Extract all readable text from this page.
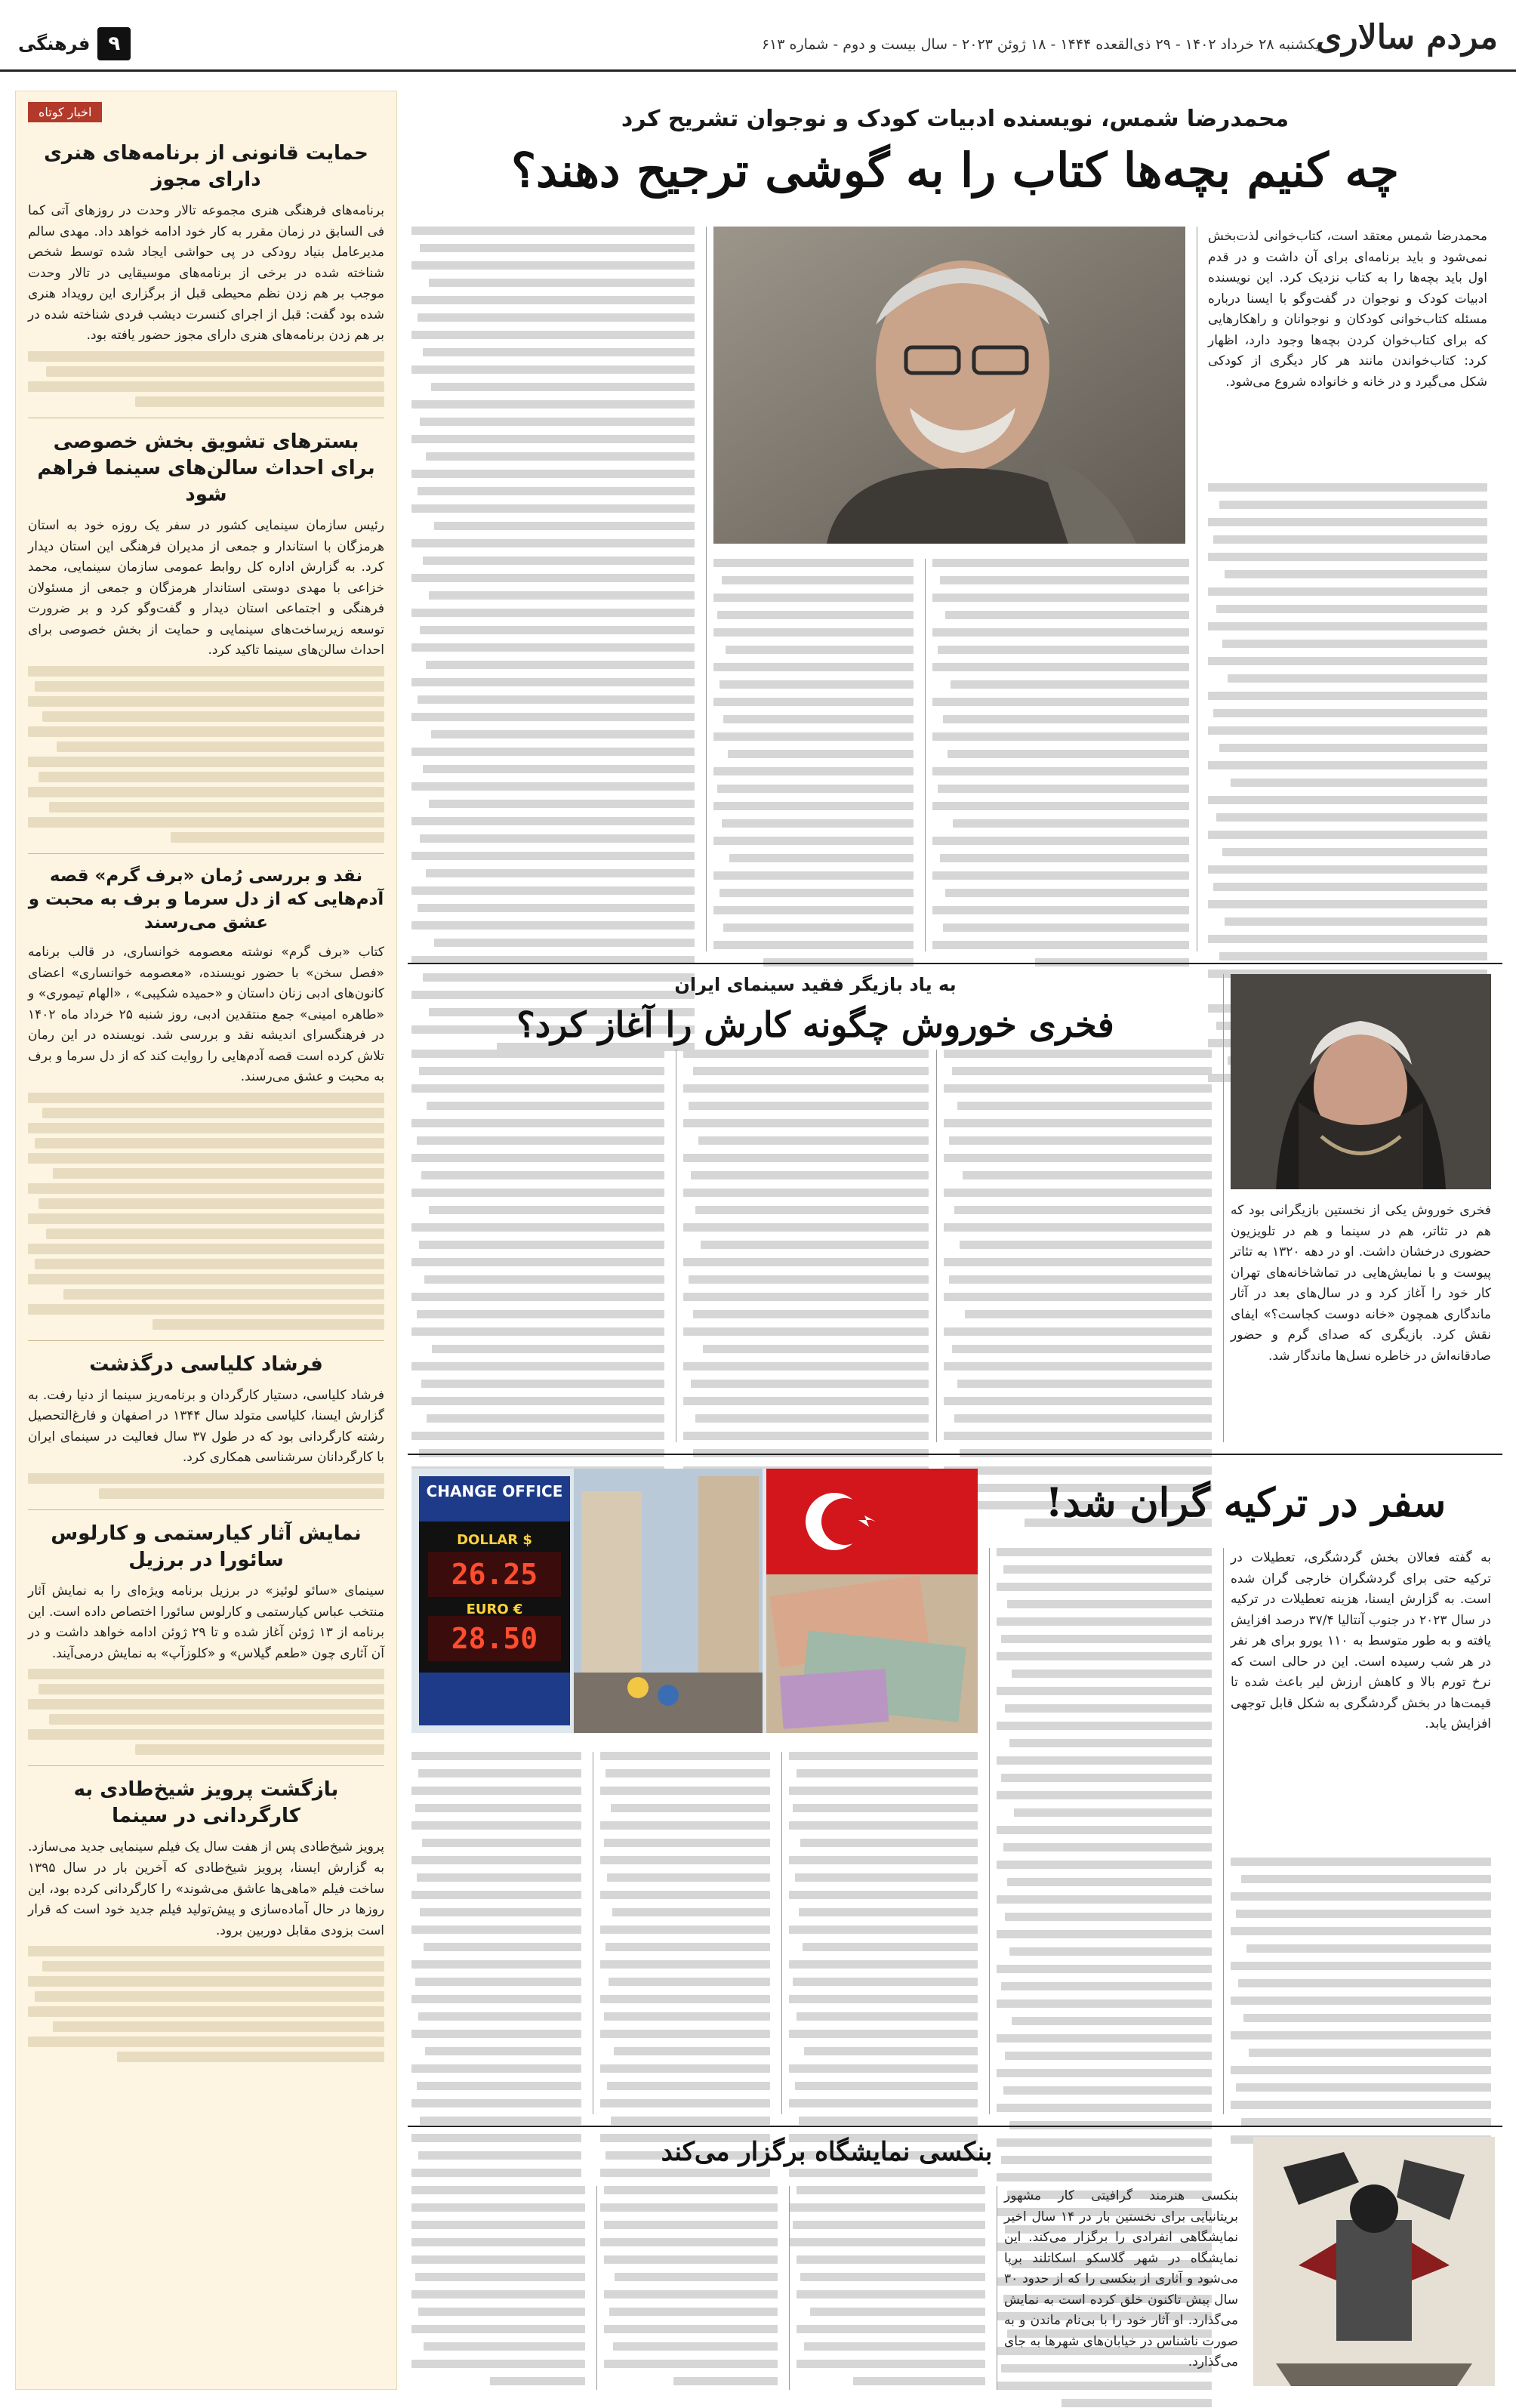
مردم سالاری
یکشنبه ۲۸ خرداد ۱۴۰۲ - ۲۹ ذی‌القعده ۱۴۴۴ - ۱۸ ژوئن ۲۰۲۳ - سال بیست و دوم - شماره ۶۱۳
۹
فرهنگی
اخبار کوتاه
حمایت قانونی از برنامه‌های هنری دارای مجوز
برنامه‌های فرهنگی هنری مجموعه تالار وحدت در روزهای آتی کما فی السابق در زمان مقرر به کار خود ادامه خواهد داد. مهدی سالم مدیرعامل بنیاد رودکی در پی حواشی ایجاد شده توسط شخص شناخته شده در برخی از برنامه‌های موسیقایی در تالار وحدت موجب بر هم زدن نظم محیطی قبل از برگزاری این رویداد هنری شده بود گفت: قبل از اجرای کنسرت دیشب فردی شناخته شده در بر هم زدن برنامه‌های هنری دارای مجوز حضور یافته بود.
بسترهای تشویق بخش خصوصی برای احداث سالن‌های سینما فراهم شود
رئیس سازمان سینمایی کشور در سفر یک روزه خود به استان هرمزگان با استاندار و جمعی از مدیران فرهنگی این استان دیدار کرد. به گزارش اداره کل روابط عمومی سازمان سینمایی، محمد خزاعی با مهدی دوستی استاندار هرمزگان و جمعی از مسئولان فرهنگی و اجتماعی استان دیدار و گفت‌وگو کرد و بر ضرورت توسعه زیرساخت‌های سینمایی و حمایت از بخش خصوصی برای احداث سالن‌های سینما تاکید کرد.
نقد و بررسی رُمان «برف گرم» قصه آدم‌هایی که از دل سرما و برف به محبت و عشق می‌رسند
کتاب «برف گرم» نوشته معصومه خوانساری، در قالب برنامه «فصل سخن» با حضور نویسنده، «معصومه خوانساری» اعضای کانون‌های ادبی زنان داستان و «حمیده شکیبی» ، «الهام تیموری» و «طاهره امینی» جمع منتقدین ادبی، روز شنبه ۲۵ خرداد ماه ۱۴۰۲ در فرهنگسرای اندیشه نقد و بررسی شد. نویسنده در این رمان تلاش کرده است قصه آدم‌هایی را روایت کند که از دل سرما و برف به محبت و عشق می‌رسند.
فرشاد کلیاسی درگذشت
فرشاد کلیاسی، دستیار کارگردان و برنامه‌ریز سینما از دنیا رفت. به گزارش ایسنا، کلیاسی متولد سال ۱۳۴۴ در اصفهان و فارغ‌التحصیل رشته کارگردانی بود که در طول ۳۷ سال فعالیت در سینمای ایران با کارگردانان سرشناسی همکاری کرد.
نمایش آثار کیارستمی و کارلوس سائورا در برزیل
سینمای «سائو لوئیز» در برزیل برنامه ویژه‌ای را به نمایش آثار منتخب عباس کیارستمی و کارلوس سائورا اختصاص داده است. این برنامه از ۱۳ ژوئن آغاز شده و تا ۲۹ ژوئن ادامه خواهد داشت و در آن آثاری چون «طعم گیلاس» و «کلوزآپ» به نمایش درمی‌آیند.
بازگشت پرویز شیخ‌طادی به کارگردانی در سینما
پرویز شیخ‌طادی پس از هفت سال یک فیلم سینمایی جدید می‌سازد. به گزارش ایسنا، پرویز شیخ‌طادی که آخرین بار در سال ۱۳۹۵ ساخت فیلم «ماهی‌ها عاشق می‌شوند» را کارگردانی کرده بود، این روزها در حال آماده‌سازی و پیش‌تولید فیلم جدید خود است که قرار است بزودی مقابل دوربین برود.
محمدرضا شمس، نویسنده ادبیات کودک و نوجوان تشریح کرد
چه کنیم بچه‌ها کتاب را به گوشی ترجیح دهند؟
محمدرضا شمس معتقد است، کتاب‌خوانی لذت‌بخش نمی‌شود و باید برنامه‌ای برای آن داشت و در قدم اول باید بچه‌ها را به کتاب نزدیک کرد. این نویسنده ادبیات کودک و نوجوان در گفت‌وگو با ایسنا درباره مسئله کتاب‌خوانی کودکان و نوجوانان و راهکارهایی که برای کتاب‌خوان کردن بچه‌ها وجود دارد، اظهار کرد: کتاب‌خواندن مانند هر کار دیگری از کودکی شکل می‌گیرد و در خانه و خانواده شروع می‌شود.
به یاد بازیگر فقید سینمای ایران
فخری خوروش چگونه کارش را آغاز کرد؟
فخری خوروش یکی از نخستین بازیگرانی بود که هم در تئاتر، هم در سینما و هم در تلویزیون حضوری درخشان داشت. او در دهه ۱۳۲۰ به تئاتر پیوست و با نمایش‌هایی در تماشاخانه‌های تهران کار خود را آغاز کرد و در سال‌های بعد در آثار ماندگاری همچون «خانه دوست کجاست؟» ایفای نقش کرد. بازیگری که صدای گرم و حضور صادقانه‌اش در خاطره نسل‌ها ماندگار شد.
سفر در ترکیه گران شد!
به گفته فعالان بخش گردشگری، تعطیلات در ترکیه حتی برای گردشگران خارجی گران شده است. به گزارش ایسنا، هزینه تعطیلات در ترکیه در سال ۲۰۲۳ در جنوب آنتالیا ۳۷/۴ درصد افزایش یافته و به طور متوسط به ۱۱۰ یورو برای هر نفر در هر شب رسیده است. این در حالی است که نرخ تورم بالا و کاهش ارزش لیر باعث شده تا قیمت‌ها در بخش گردشگری به شکل قابل توجهی افزایش یابد.
CHANGE OFFICE
$ DOLLAR
26.25
€ EURO
28.50
بنکسی نمایشگاه برگزار می‌کند
بنکسی هنرمند گرافیتی کار مشهور بریتانیایی برای نخستین بار در ۱۴ سال اخیر نمایشگاهی انفرادی را برگزار می‌کند. این نمایشگاه در شهر گلاسکو اسکاتلند برپا می‌شود و آثاری از بنکسی را که از حدود ۳۰ سال پیش تاکنون خلق کرده است به نمایش می‌گذارد. او آثار خود را با بی‌نام ماندن و به صورت ناشناس در خیابان‌های شهرها به جای می‌گذارد.
